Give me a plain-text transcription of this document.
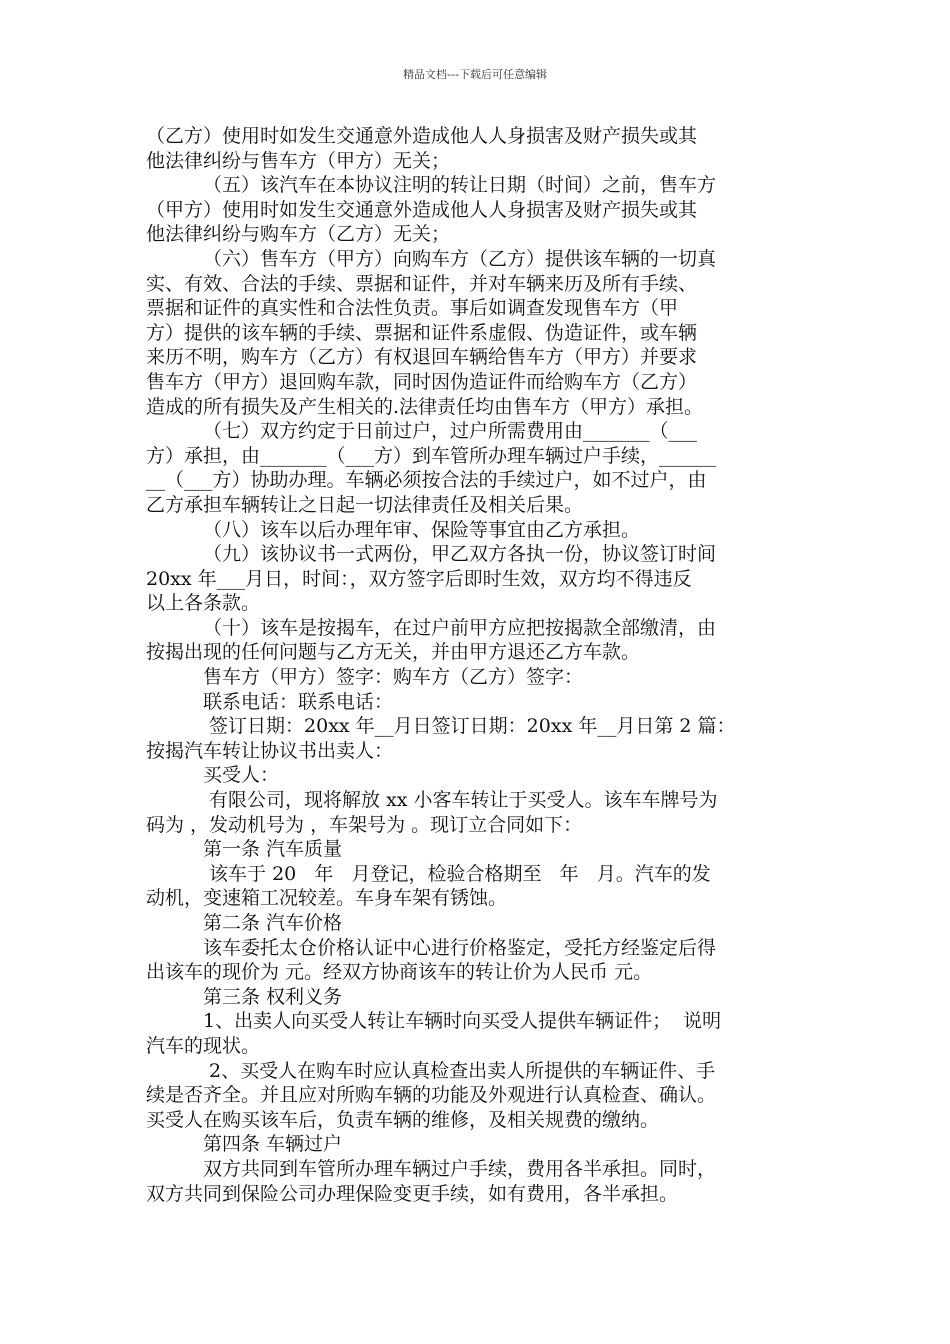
精品文档---下载后可任意编辑
（乙方）使用时如发生交通意外造成他人人身损害及财产损失或其
他法律纠纷与售车方（甲方）无关；
（五）该汽车在本协议注明的转让日期（时间）之前，售车方
（甲方）使用时如发生交通意外造成他人人身损害及财产损失或其
他法律纠纷与购车方（乙方）无关；
（六）售车方（甲方）向购车方（乙方）提供该车辆的一切真
实、有效、合法的手续、票据和证件，并对车辆来历及所有手续、
票据和证件的真实性和合法性负责。事后如调查发现售车方（甲
方）提供的该车辆的手续、票据和证件系虚假、伪造证件，或车辆
来历不明，购车方（乙方）有权退回车辆给售车方（甲方）并要求
售车方（甲方）退回购车款，同时因伪造证件而给购车方（乙方）
造成的所有损失及产生相关的.法律责任均由售车方（甲方）承担。
（七）双方约定于日前过户，过户所需费用由_______（___
方）承担，由_______（___方）到车管所办理车辆过户手续，______
__（___方）协助办理。车辆必须按合法的手续过户，如不过户，由
乙方承担车辆转让之日起一切法律责任及相关后果。
（八）该车以后办理年审、保险等事宜由乙方承担。
（九）该协议书一式两份，甲乙双方各执一份，协议签订时间
20xx 年___月日，时间：，双方签字后即时生效，双方均不得违反
以上各条款。
（十）该车是按揭车，在过户前甲方应把按揭款全部缴清，由
按揭出现的任何问题与乙方无关，并由甲方退还乙方车款。
售车方（甲方）签字：购车方（乙方）签字：
联系电话：联系电话：
签订日期：20xx 年__月日签订日期：20xx 年__月日第 2 篇：
按揭汽车转让协议书出卖人：
买受人：
有限公司，现将解放 xx 小客车转让于买受人。该车车牌号为
码为 ，发动机号为 ，车架号为 。现订立合同如下：
第一条 汽车质量
该车于 20   年   月登记，检验合格期至   年   月。汽车的发
动机，变速箱工况较差。车身车架有锈蚀。
第二条 汽车价格
该车委托太仓价格认证中心进行价格鉴定，受托方经鉴定后得
出该车的现价为 元。经双方协商该车的转让价为人民币 元。
第三条 权利义务
1、出卖人向买受人转让车辆时向买受人提供车辆证件；  说明
汽车的现状。
2、买受人在购车时应认真检查出卖人所提供的车辆证件、手
续是否齐全。并且应对所购车辆的功能及外观进行认真检查、确认。
买受人在购买该车后，负责车辆的维修，及相关规费的缴纳。
第四条 车辆过户
双方共同到车管所办理车辆过户手续，费用各半承担。同时，
双方共同到保险公司办理保险变更手续，如有费用，各半承担。
